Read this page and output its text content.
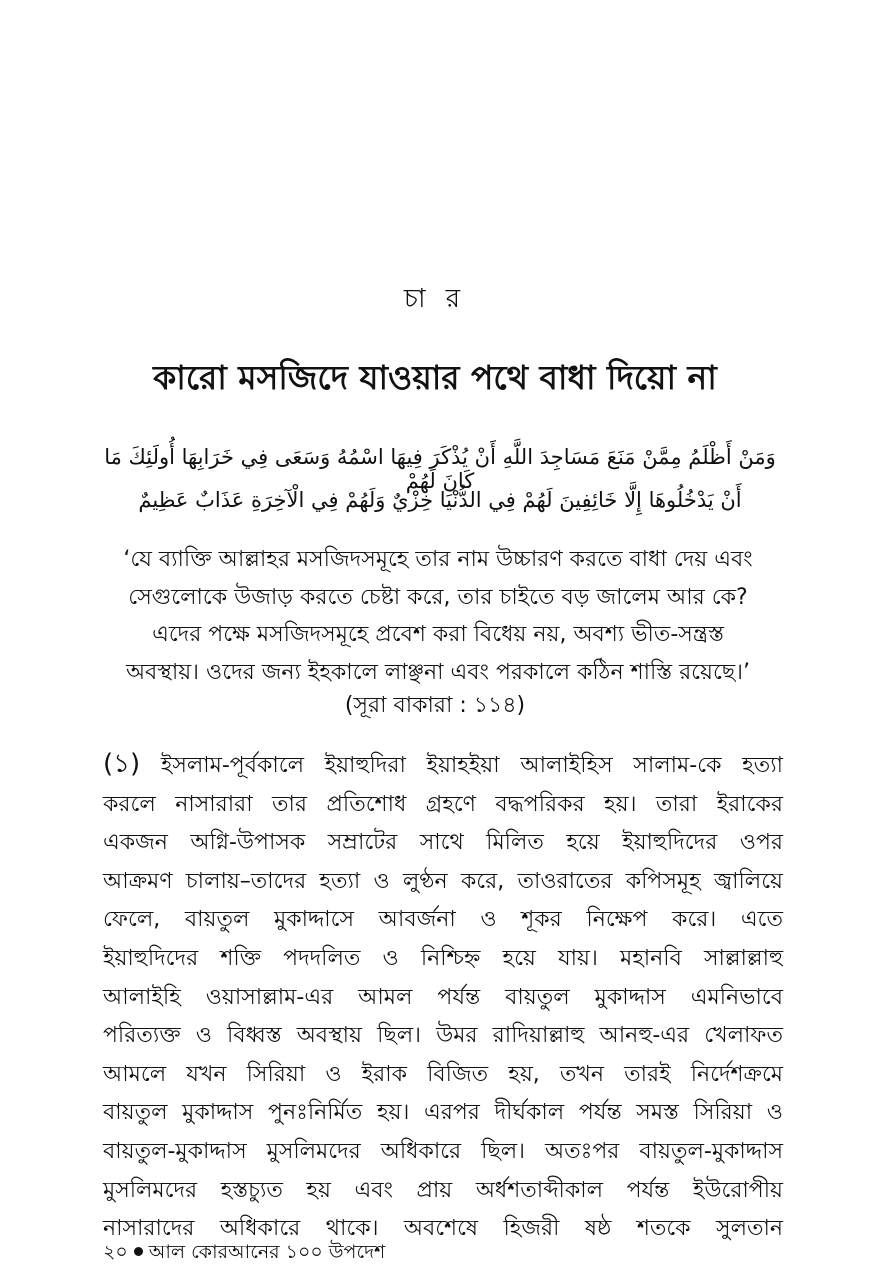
চা র
কারো মসজিদে যাওয়ার পথে বাধা দিয়ো না
وَمَنْ أَظْلَمُ مِمَّنْ مَنَعَ مَسَاجِدَ اللَّهِ أَنْ يُذْكَرَ فِيهَا اسْمُهُ وَسَعَى فِي خَرَابِهَا أُولَئِكَ مَا كَانَ لَهُمْ
أَنْ يَدْخُلُوهَا إِلَّا خَائِفِينَ لَهُمْ فِي الدُّنْيَا خِزْيٌ وَلَهُمْ فِي الْآخِرَةِ عَذَابٌ عَظِيمٌ
‘যে ব্যাক্তি আল্লাহর মসজিদসমূহে তার নাম উচ্চারণ করতে বাধা দেয় এবং
সেগুলোকে উজাড় করতে চেষ্টা করে, তার চাইতে বড় জালেম আর কে?
এদের পক্ষে মসজিদসমূহে প্রবেশ করা বিধেয় নয়, অবশ্য ভীত-সন্ত্রস্ত
অবস্থায়। ওদের জন্য ইহকালে লাঞ্ছনা এবং পরকালে কঠিন শাস্তি রয়েছে।’
(সূরা বাকারা : ১১৪)
(১) ইসলাম-পূর্বকালে ইয়াহুদিরা ইয়াহইয়া আলাইহিস সালাম-কে হত্যা
করলে নাসারারা তার প্রতিশোধ গ্রহণে বদ্ধপরিকর হয়। তারা ইরাকের
একজন অগ্নি-উপাসক সম্রাটের সাথে মিলিত হয়ে ইয়াহুদিদের ওপর
আক্রমণ চালায়–তাদের হত্যা ও লুণ্ঠন করে, তাওরাতের কপিসমূহ জ্বালিয়ে
ফেলে, বায়তুল মুকাদ্দাসে আবর্জনা ও শূকর নিক্ষেপ করে। এতে
ইয়াহুদিদের শক্তি পদদলিত ও নিশ্চিহ্ন হয়ে যায়। মহানবি সাল্লাল্লাহু
আলাইহি ওয়াসাল্লাম-এর আমল পর্যন্ত বায়তুল মুকাদ্দাস এমনিভাবে
পরিত্যক্ত ও বিধ্বস্ত অবস্থায় ছিল। উমর রাদিয়াল্লাহু আনহু-এর খেলাফত
আমলে যখন সিরিয়া ও ইরাক বিজিত হয়, তখন তারই নির্দেশক্রমে
বায়তুল মুকাদ্দাস পুনঃনির্মিত হয়। এরপর দীর্ঘকাল পর্যন্ত সমস্ত সিরিয়া ও
বায়তুল-মুকাদ্দাস মুসলিমদের অধিকারে ছিল। অতঃপর বায়তুল-মুকাদ্দাস
মুসলিমদের হস্তচ্যুত হয় এবং প্রায় অর্ধশতাব্দীকাল পর্যন্ত ইউরোপীয়
নাসারাদের অধিকারে থাকে। অবশেষে হিজরী ষষ্ঠ শতকে সুলতান
২০ আল কোরআনের ১০০ উপদেশ
